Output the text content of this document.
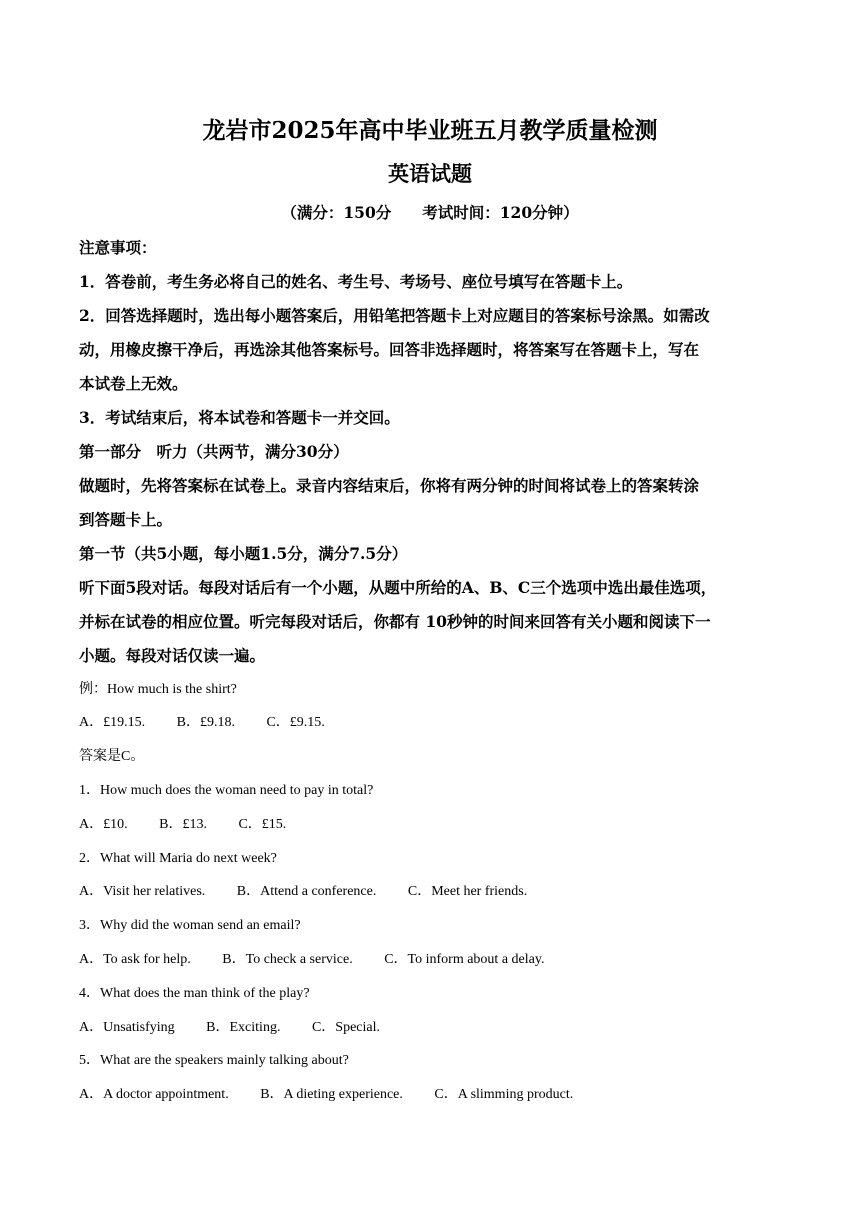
龙岩市2025年高中毕业班五月教学质量检测
英语试题
（满分：150分　　考试时间：120分钟）
注意事项：
1．答卷前，考生务必将自己的姓名、考生号、考场号、座位号填写在答题卡上。
2．回答选择题时，选出每小题答案后，用铅笔把答题卡上对应题目的答案标号涂黑。如需改
动，用橡皮擦干净后，再选涂其他答案标号。回答非选择题时，将答案写在答题卡上，写在
本试卷上无效。
3．考试结束后，将本试卷和答题卡一并交回。
第一部分　听力（共两节，满分30分）
做题时，先将答案标在试卷上。录音内容结束后，你将有两分钟的时间将试卷上的答案转涂
到答题卡上。
第一节（共5小题，每小题1.5分，满分7.5分）
听下面5段对话。每段对话后有一个小题，从题中所给的A、B、C三个选项中选出最佳选项，
并标在试卷的相应位置。听完每段对话后，你都有 10秒钟的时间来回答有关小题和阅读下一
小题。每段对话仅读一遍。
例：How much is the shirt?
A．£19.15. B．£9.18. C．£9.15.
答案是C。
1．How much does the woman need to pay in total?
A．£10. B．£13. C．£15.
2．What will Maria do next week?
A．Visit her relatives. B．Attend a conference. C．Meet her friends.
3．Why did the woman send an email?
A．To ask for help. B．To check a service. C．To inform about a delay.
4．What does the man think of the play?
A．Unsatisfying B．Exciting. C．Special.
5．What are the speakers mainly talking about?
A．A doctor appointment. B．A dieting experience. C．A slimming product.
